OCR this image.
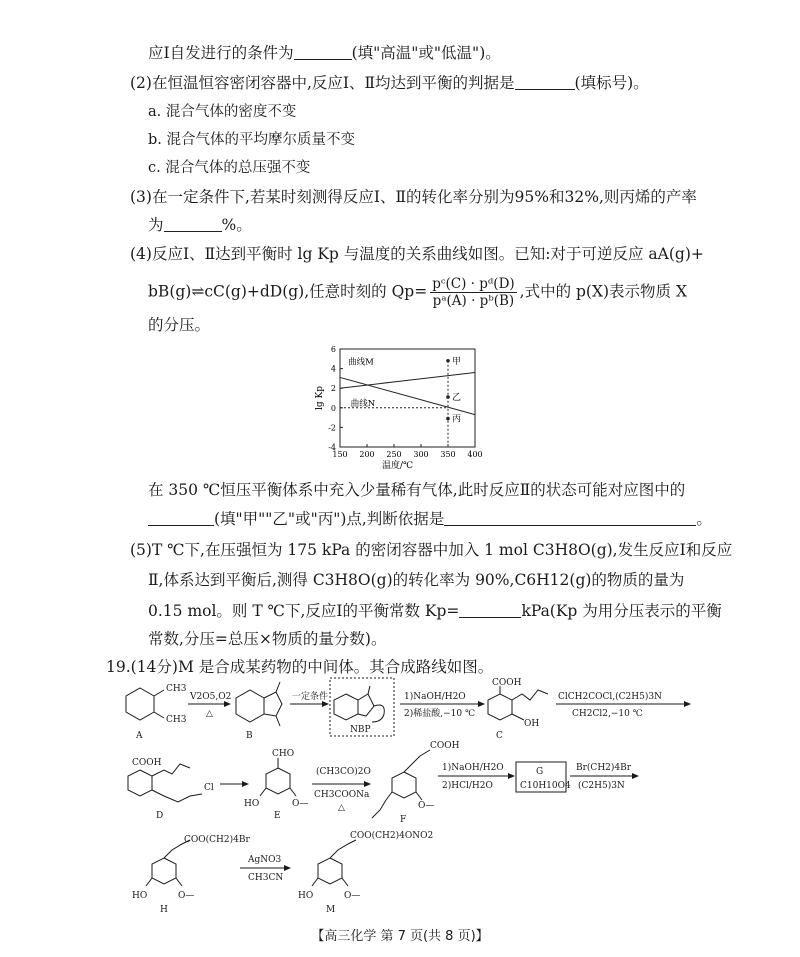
应Ⅰ自发进行的条件为	(填"高温"或"低温")。
(2)在恒温恒容密闭容器中,反应Ⅰ、Ⅱ均达到平衡的判据是	(填标号)。
a. 混合气体的密度不变
b. 混合气体的平均摩尔质量不变
c. 混合气体的总压强不变
(3)在一定条件下,若某时刻测得反应Ⅰ、Ⅱ的转化率分别为95%和32%,则丙烯的产率
为	%。
(4)反应Ⅰ、Ⅱ达到平衡时 lg Kp 与温度的关系曲线如图。已知:对于可逆反应 aA(g)+
bB(g)⇌cC(g)+dD(g),任意时刻的 $Qp= \frac{\text{pᶜ(C) · pᵈ(D)}}{\text{pᵃ(A) · pᵇ(B)}}$ ,式中的 p(X)表示物质 X
的分压。
-4
-2
0
2
4
6
150 200 250 300 350 400
温度/℃
lg Kp
曲线M
曲线N
甲
乙
丙
在 350 ℃恒压平衡体系中充入少量稀有气体,此时反应Ⅱ的状态可能对应图中的
(填"甲""乙"或"丙")点,判断依据是	。
(5)T ℃下,在压强恒为 175 kPa 的密闭容器中加入 1 mol C3H8O(g),发生反应Ⅰ和反应
Ⅱ,体系达到平衡后,测得 C3H8O(g)的转化率为 90%,C6H12(g)的物质的量为
0.15 mol。则 T ℃下,反应Ⅰ的平衡常数 Kp=	kPa(Kp 为用分压表示的平衡
常数,分压=总压×物质的量分数)。
19.(14分)M 是合成某药物的中间体。其合成路线如图。
CH3
CH3
A
V2O5,O2
△
B
一定条件
NBP
1)NaOH/H2O
2)稀盐酸,−10 ℃
COOH
OH
C
ClCH2COCl,(C2H5)3N
CH2Cl2,−10 ℃
COOH
Cl
D
CHO
HO	O—
E
(CH3CO)2O
CH3COONa
△
COOH
O—
F
1)NaOH/H2O
2)HCl/H2O
G
C10H10O4
Br(CH2)4Br
(C2H5)3N
COO(CH2)4Br
HO	O—
H
AgNO3
CH3CN
COO(CH2)4ONO2
HO	O—
M
【高三化学 第 7 页(共 8 页)】
